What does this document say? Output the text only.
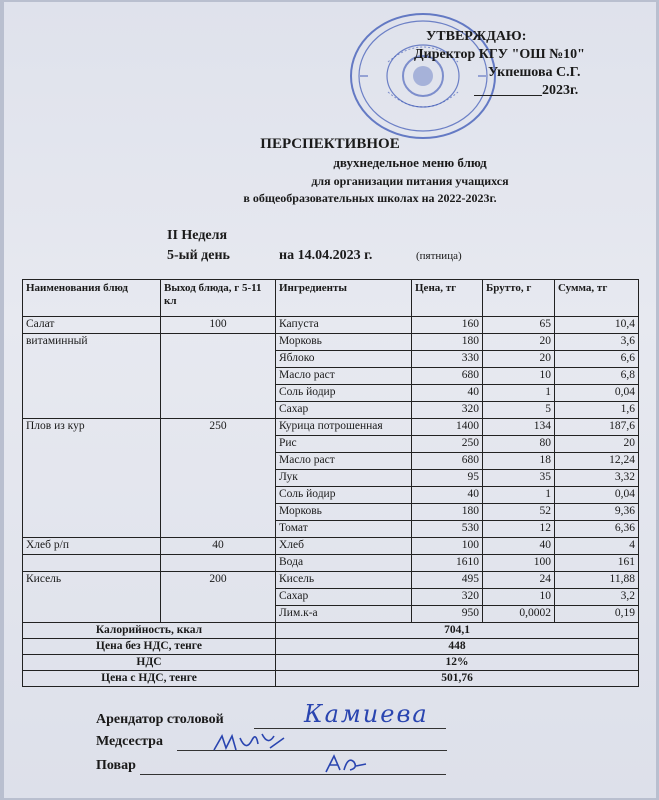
УТВЕРЖДАЮ:
Директор КГУ "ОШ №10"
Укпешова С.Г.
2023г.
ПЕРСПЕКТИВНОЕ
двухнедельное меню блюд
для организации питания учащихся
в общеобразовательных школах на 2022-2023г.
II Неделя
5-ый день	на 14.04.2023 г.	(пятница)
Наименования блюд	Выход блюда, г 5-11 кл	Ингрeдиенты	Цена, тг	Брутто, г	Сумма, тг
Салат	100	Капуста	160	65	10,4
витаминный		Морковь	180	20	3,6
		Яблоко	330	20	6,6
		Масло раст	680	10	6,8
		Соль йодир	40	1	0,04
		Сахар	320	5	1,6
Плов из кур	250	Курица потрошенная	1400	134	187,6
		Рис	250	80	20
		Масло раст	680	18	12,24
		Лук	95	35	3,32
		Соль йодир	40	1	0,04
		Морковь	180	52	9,36
		Томат	530	12	6,36
Хлеб р/п	40	Хлеб	100	40	4
		Вода	1610	100	161
Кисель	200	Кисель	495	24	11,88
		Сахар	320	10	3,2
		Лим.к-а	950	0,0002	0,19
Калорийность, ккал		704,1			
Цена без НДС, тенге		448			
НДС		12%			
Цена с НДС, тенге		501,76			
Арендатор столовой	Камиева
Медсестра
Повар
